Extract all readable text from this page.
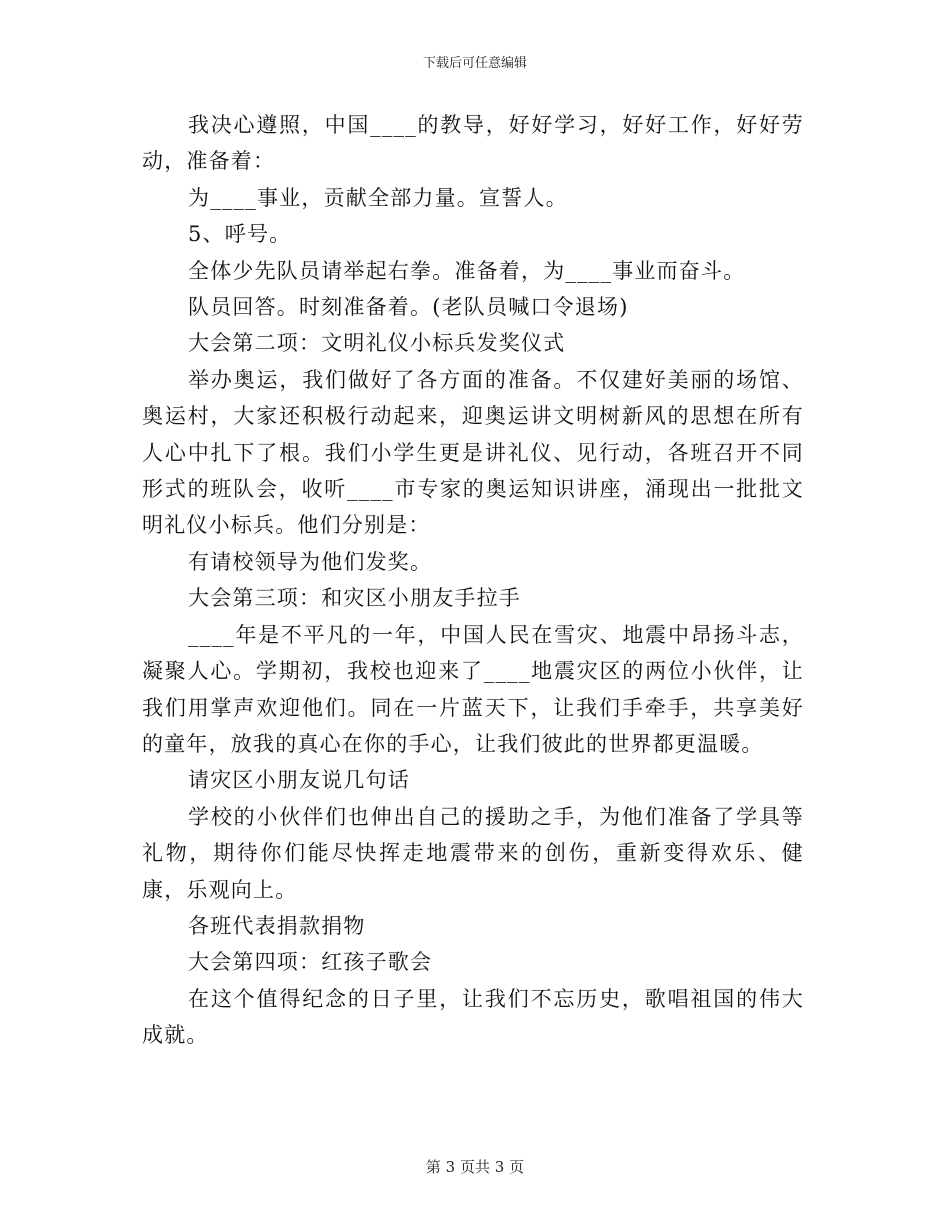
下载后可任意编辑

我决心遵照，中国____的教导，好好学习，好好工作，好好劳动，准备着：

为____事业，贡献全部力量。宣誓人。

5、呼号。

全体少先队员请举起右拳。准备着，为____事业而奋斗。

队员回答。时刻准备着。(老队员喊口令退场)

大会第二项：文明礼仪小标兵发奖仪式

举办奥运，我们做好了各方面的准备。不仅建好美丽的场馆、奥运村，大家还积极行动起来，迎奥运讲文明树新风的思想在所有人心中扎下了根。我们小学生更是讲礼仪、见行动，各班召开不同形式的班队会，收听____市专家的奥运知识讲座，涌现出一批批文明礼仪小标兵。他们分别是：

有请校领导为他们发奖。

大会第三项：和灾区小朋友手拉手

____年是不平凡的一年，中国人民在雪灾、地震中昂扬斗志，凝聚人心。学期初，我校也迎来了____地震灾区的两位小伙伴，让我们用掌声欢迎他们。同在一片蓝天下，让我们手牵手，共享美好的童年，放我的真心在你的手心，让我们彼此的世界都更温暖。

请灾区小朋友说几句话

学校的小伙伴们也伸出自己的援助之手，为他们准备了学具等礼物，期待你们能尽快挥走地震带来的创伤，重新变得欢乐、健康，乐观向上。

各班代表捐款捐物

大会第四项：红孩子歌会

在这个值得纪念的日子里，让我们不忘历史，歌唱祖国的伟大成就。

第 3 页共 3 页
